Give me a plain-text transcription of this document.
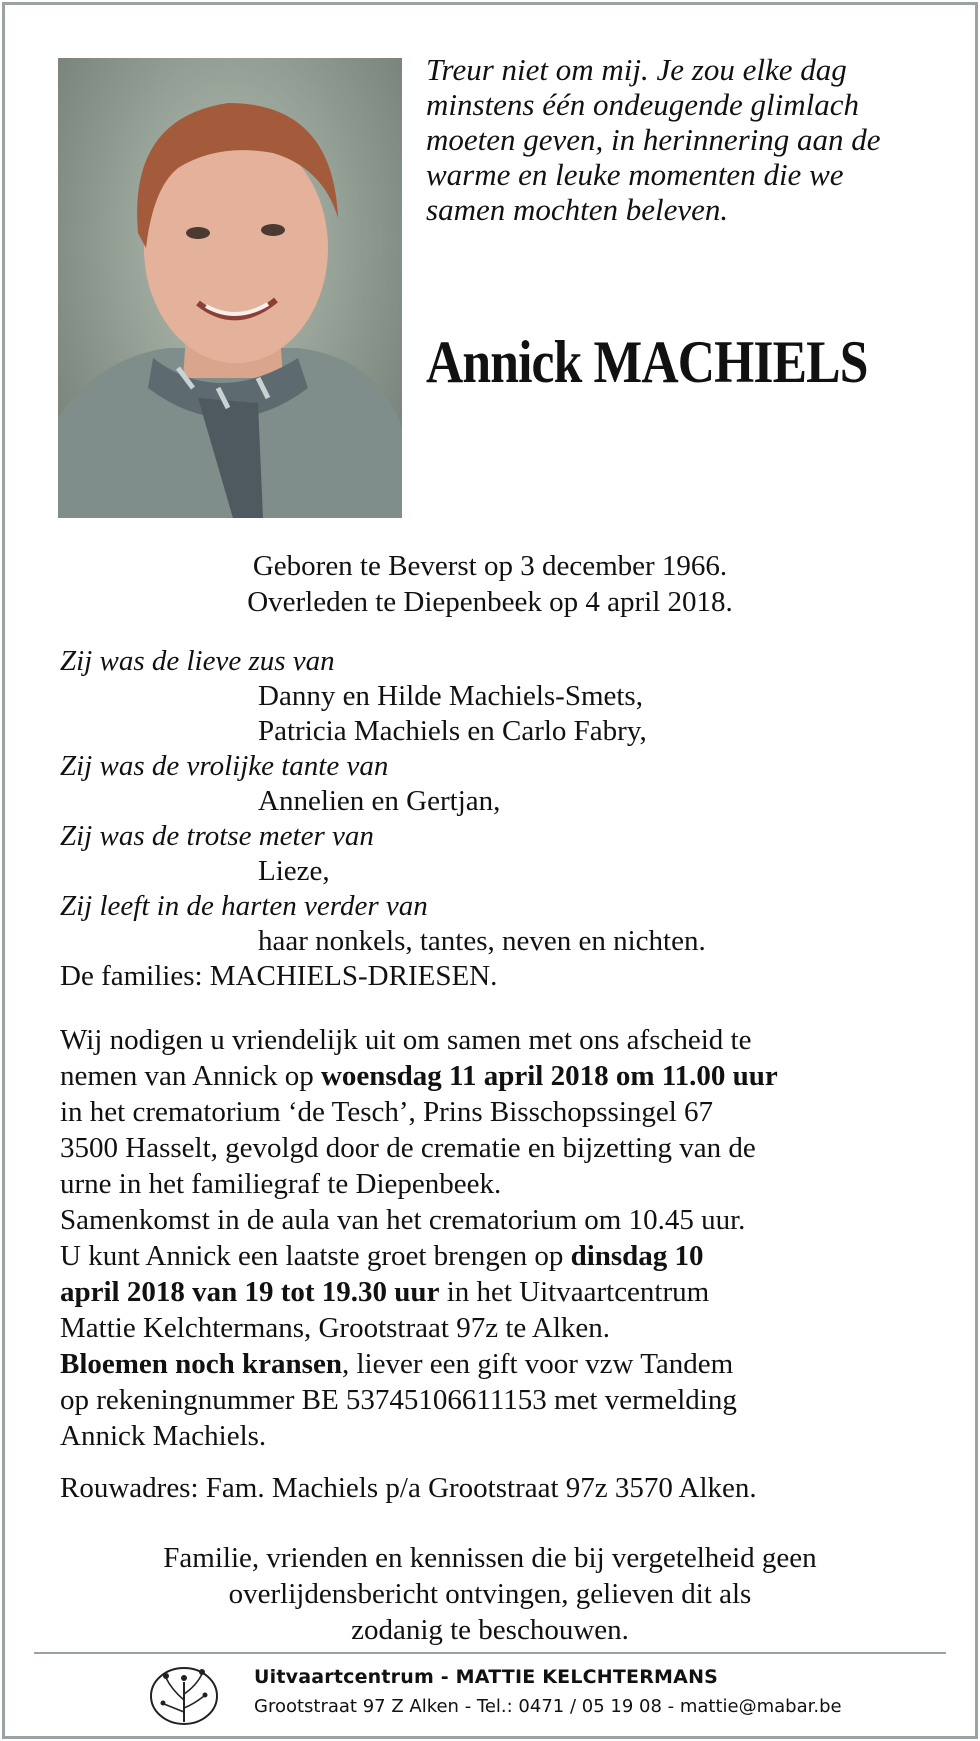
Treur niet om mij. Je zou elke dag
minstens één ondeugende glimlach
moeten geven, in herinnering aan de
warme en leuke momenten die we
samen mochten beleven.
Annick MACHIELS
Geboren te Beverst op 3 december 1966.
Overleden te Diepenbeek op 4 april 2018.
Zij was de lieve zus van
Danny en Hilde Machiels-Smets,
Patricia Machiels en Carlo Fabry,
Zij was de vrolijke tante van
Annelien en Gertjan,
Zij was de trotse meter van
Lieze,
Zij leeft in de harten verder van
haar nonkels, tantes, neven en nichten.
De families: MACHIELS-DRIESEN.
Wij nodigen u vriendelijk uit om samen met ons afscheid te
nemen van Annick op woensdag 11 april 2018 om 11.00 uur
in het crematorium ‘de Tesch’, Prins Bisschopssingel 67
3500 Hasselt, gevolgd door de crematie en bijzetting van de
urne in het familiegraf te Diepenbeek.
Samenkomst in de aula van het crematorium om 10.45 uur.
U kunt Annick een laatste groet brengen op dinsdag 10
april 2018 van 19 tot 19.30 uur in het Uitvaartcentrum
Mattie Kelchtermans, Grootstraat 97z te Alken.
Bloemen noch kransen, liever een gift voor vzw Tandem
op rekeningnummer BE 53745106611153 met vermelding
Annick Machiels.
Rouwadres: Fam. Machiels p/a Grootstraat 97z 3570 Alken.
Familie, vrienden en kennissen die bij vergetelheid geen
overlijdensbericht ontvingen, gelieven dit als
zodanig te beschouwen.
Uitvaartcentrum - MATTIE KELCHTERMANS
Grootstraat 97 Z Alken - Tel.: 0471 / 05 19 08 - mattie@mabar.be
